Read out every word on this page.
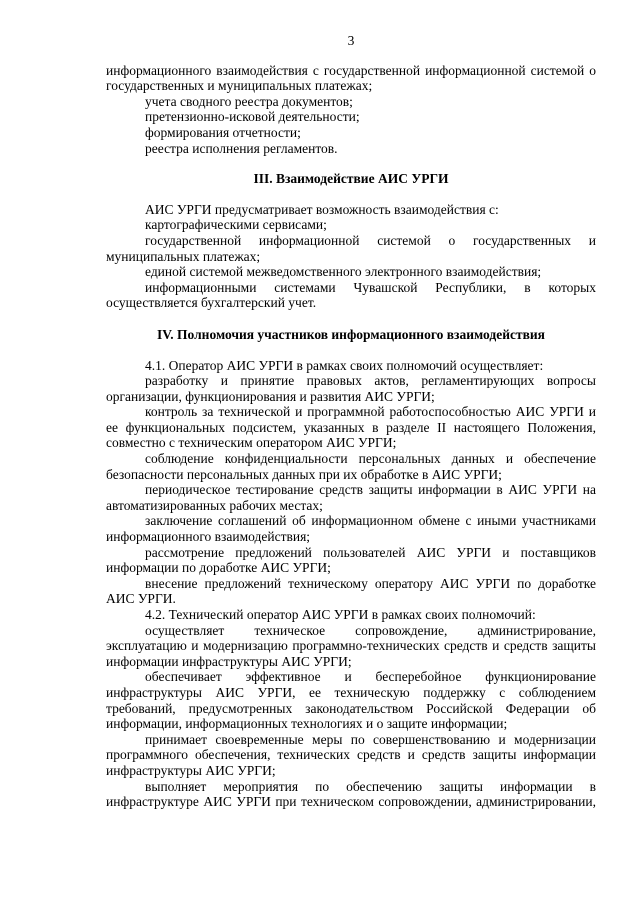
3

информационного взаимодействия с государственной информационной системой о государственных и муниципальных платежах;

учета сводного реестра документов;

претензионно-исковой деятельности;

формирования отчетности;

реестра исполнения регламентов.

III. Взаимодействие АИС УРГИ

АИС УРГИ предусматривает возможность взаимодействия с:

картографическими сервисами;

государственной информационной системой о государственных и муниципальных платежах;

единой системой межведомственного электронного взаимодействия;

информационными системами Чувашской Республики, в которых осуществляется бухгалтерский учет.

IV. Полномочия участников информационного взаимодействия

4.1. Оператор АИС УРГИ в рамках своих полномочий осуществляет:

разработку и принятие правовых актов, регламентирующих вопросы организации, функционирования и развития АИС УРГИ;

контроль за технической и программной работоспособностью АИС УРГИ и ее функциональных подсистем, указанных в разделе II настоящего Положения, совместно с техническим оператором АИС УРГИ;

соблюдение конфиденциальности персональных данных и обеспечение безопасности персональных данных при их обработке в АИС УРГИ;

периодическое тестирование средств защиты информации в АИС УРГИ на автоматизированных рабочих местах;

заключение соглашений об информационном обмене с иными участниками информационного взаимодействия;

рассмотрение предложений пользователей АИС УРГИ и поставщиков информации по доработке АИС УРГИ;

внесение предложений техническому оператору АИС УРГИ по доработке АИС УРГИ.

4.2. Технический оператор АИС УРГИ в рамках своих полномочий:

осуществляет техническое сопровождение, администрирование, эксплуатацию и модернизацию программно-технических средств и средств защиты информации инфраструктуры АИС УРГИ;

обеспечивает эффективное и бесперебойное функционирование инфраструктуры АИС УРГИ, ее техническую поддержку с соблюдением требований, предусмотренных законодательством Российской Федерации об информации, информационных технологиях и о защите информации;

принимает своевременные меры по совершенствованию и модернизации программного обеспечения, технических средств и средств защиты информации инфраструктуры АИС УРГИ;

выполняет мероприятия по обеспечению защиты информации в инфраструктуре АИС УРГИ при техническом сопровождении, администрировании,
